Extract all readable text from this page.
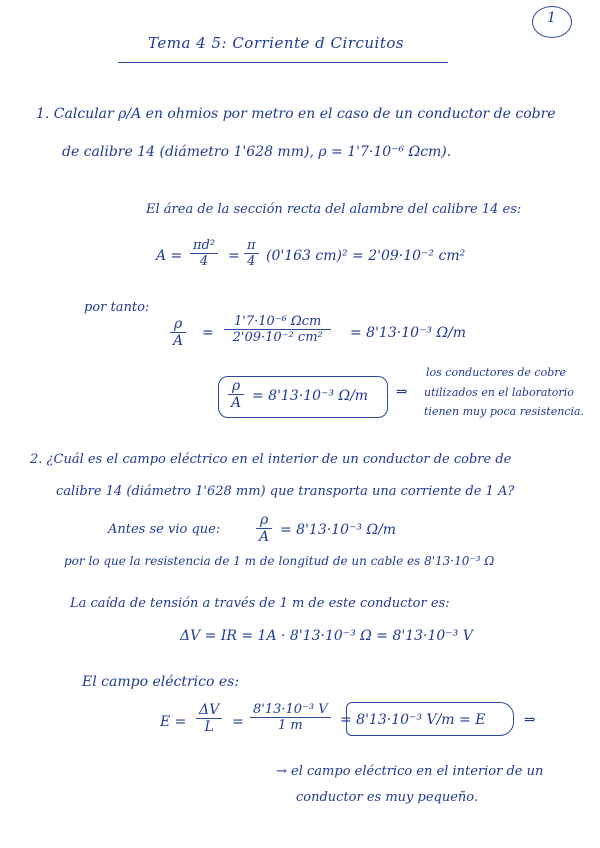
1
Tema 4 5: Corriente d Circuitos
1. Calcular ρ/A en ohmios por metro en el caso de un conductor de cobre
de calibre 14 (diámetro 1'628 mm), ρ = 1'7·10⁻⁶ Ωcm).
El área de la sección recta del alambre del calibre 14 es:
$A = \frac{\text{πd²}}{4} = \frac{\pi}{4} (0'163$ cm)² = 2'09·10⁻² cm²
por tanto:
$\frac{\rho}{A}$ =
1'7·10⁻⁶ Ωcm
2'09·10⁻² cm²	= 8'13·10⁻³ Ω/m
$\frac{\rho}{A} = 8'13\cdot 10^{-3}$ Ω/m ⇒
los conductores de cobre
utilizados en el laboratorio
tienen muy poca resistencia.
2. ¿Cuál es el campo eléctrico en el interior de un conductor de cobre de
calibre 14 (diámetro 1'628 mm) que transporta una corriente de 1 A?
Antes se vio que:	$\frac{\rho}{A} = 8'13\cdot 10^{-3}$ Ω/m
por lo que la resistencia de 1 m de longitud de un cable es 8'13·10⁻³ Ω
La caída de tensión a través de 1 m de este conductor es:
ΔV = IR = 1A · 8'13·10⁻³ Ω = 8'13·10⁻³ V
El campo eléctrico es:
$E = \frac{\Delta V}{L} = \frac{\text{8'13·10⁻³ V}}{1 m} = 8'13\cdot 10^{-3}$ V/m = E	⇒
→ el campo eléctrico en el interior de un
conductor es muy pequeño.
